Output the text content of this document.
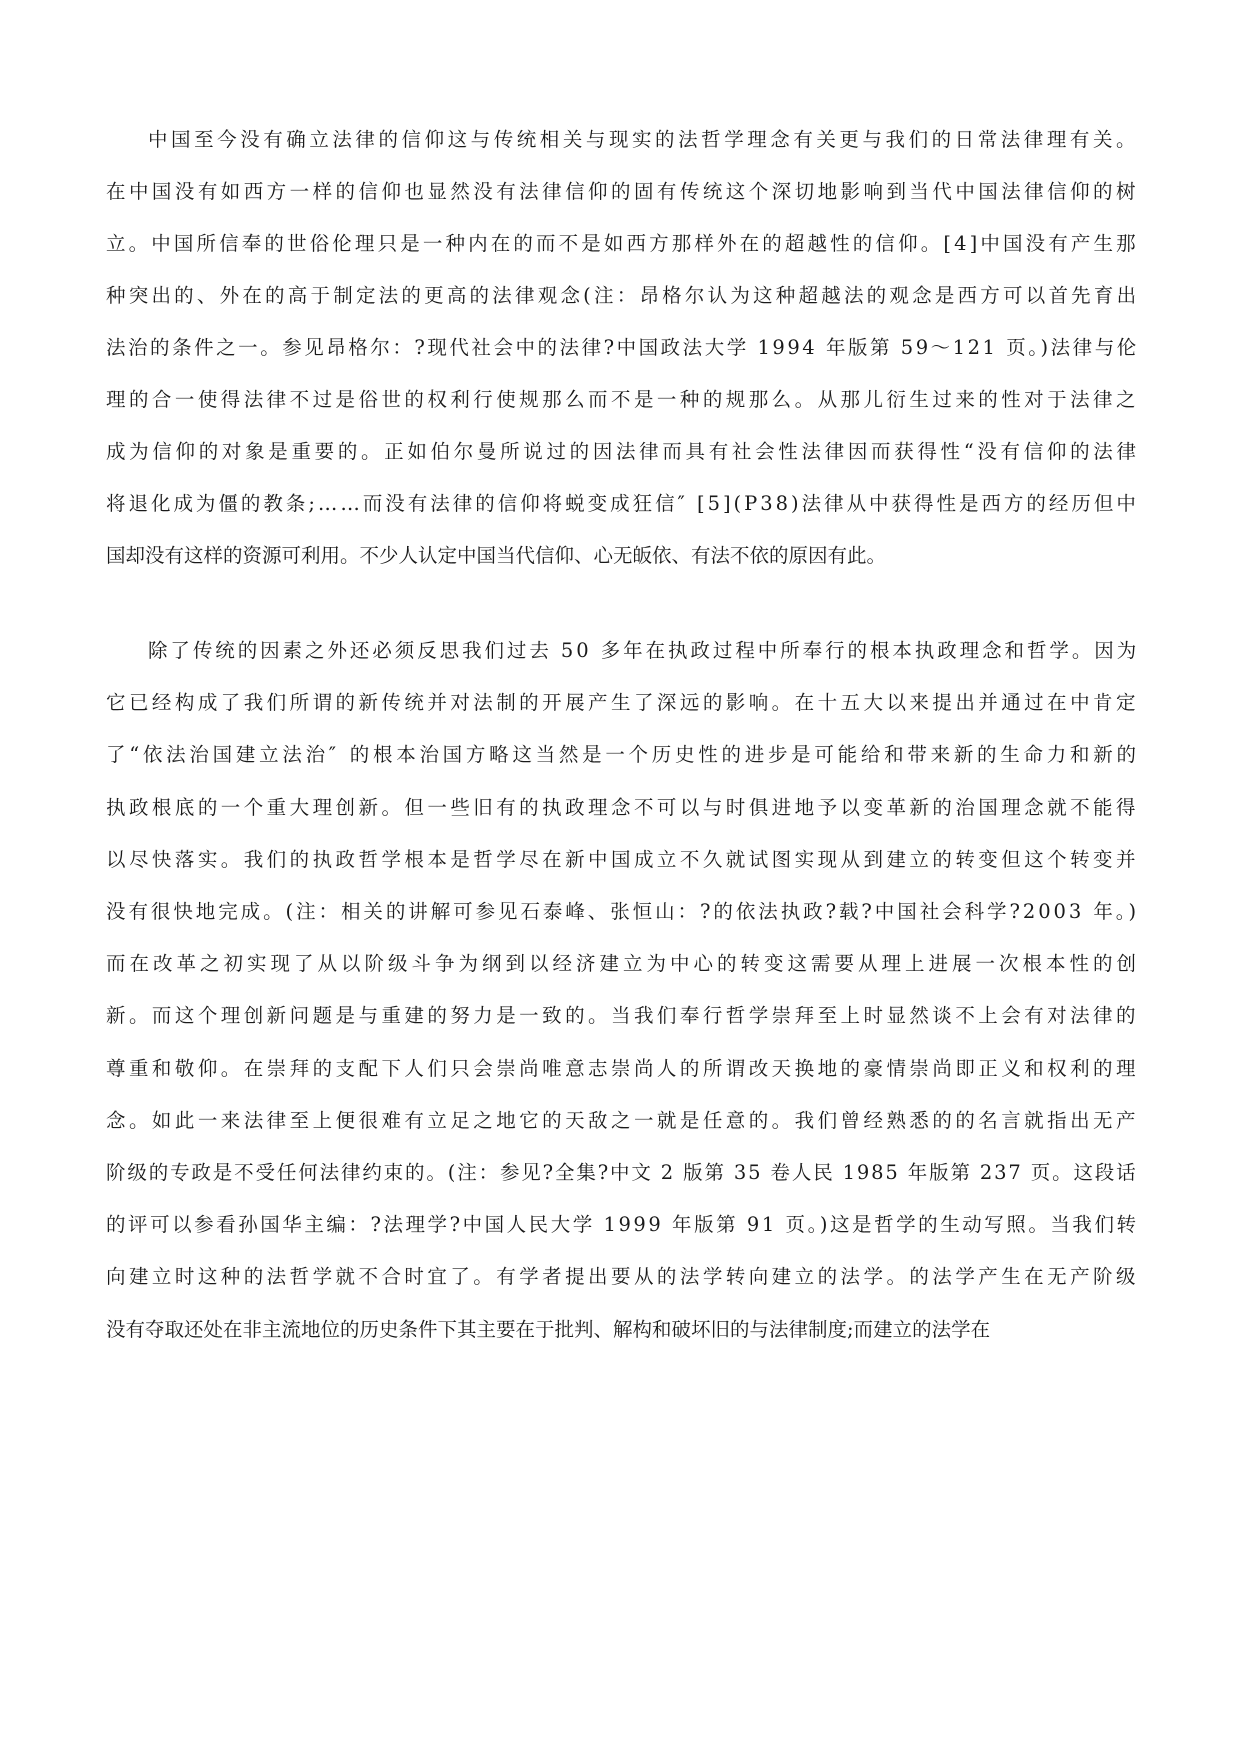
中国至今没有确立法律的信仰这与传统相关与现实的法哲学理念有关更与我们的日常法律理有关。
在中国没有如西方一样的信仰也显然没有法律信仰的固有传统这个深切地影响到当代中国法律信仰的树
立。中国所信奉的世俗伦理只是一种内在的而不是如西方那样外在的超越性的信仰。[4]中国没有产生那
种突出的、外在的高于制定法的更高的法律观念(注：昂格尔认为这种超越法的观念是西方可以首先育出
法治的条件之一。参见昂格尔：?现代社会中的法律?中国政法大学 1994 年版第 59～121 页。)法律与伦
理的合一使得法律不过是俗世的权利行使规那么而不是一种的规那么。从那儿衍生过来的性对于法律之
成为信仰的对象是重要的。正如伯尔曼所说过的因法律而具有社会性法律因而获得性“没有信仰的法律
将退化成为僵的教条;……而没有法律的信仰将蜕变成狂信″ [5](P38)法律从中获得性是西方的经历但中
国却没有这样的资源可利用。不少人认定中国当代信仰、心无皈依、有法不依的原因有此。
除了传统的因素之外还必须反思我们过去 50 多年在执政过程中所奉行的根本执政理念和哲学。因为
它已经构成了我们所谓的新传统并对法制的开展产生了深远的影响。在十五大以来提出并通过在中肯定
了“依法治国建立法治″ 的根本治国方略这当然是一个历史性的进步是可能给和带来新的生命力和新的
执政根底的一个重大理创新。但一些旧有的执政理念不可以与时俱进地予以变革新的治国理念就不能得
以尽快落实。我们的执政哲学根本是哲学尽在新中国成立不久就试图实现从到建立的转变但这个转变并
没有很快地完成。(注：相关的讲解可参见石泰峰、张恒山：?的依法执政?载?中国社会科学?2003 年。)
而在改革之初实现了从以阶级斗争为纲到以经济建立为中心的转变这需要从理上进展一次根本性的创
新。而这个理创新问题是与重建的努力是一致的。当我们奉行哲学崇拜至上时显然谈不上会有对法律的
尊重和敬仰。在崇拜的支配下人们只会崇尚唯意志崇尚人的所谓改天换地的豪情崇尚即正义和权利的理
念。如此一来法律至上便很难有立足之地它的天敌之一就是任意的。我们曾经熟悉的的名言就指出无产
阶级的专政是不受任何法律约束的。(注：参见?全集?中文 2 版第 35 卷人民 1985 年版第 237 页。这段话
的评可以参看孙国华主编：?法理学?中国人民大学 1999 年版第 91 页。)这是哲学的生动写照。当我们转
向建立时这种的法哲学就不合时宜了。有学者提出要从的法学转向建立的法学。的法学产生在无产阶级
没有夺取还处在非主流地位的历史条件下其主要在于批判、解构和破坏旧的与法律制度;而建立的法学在
